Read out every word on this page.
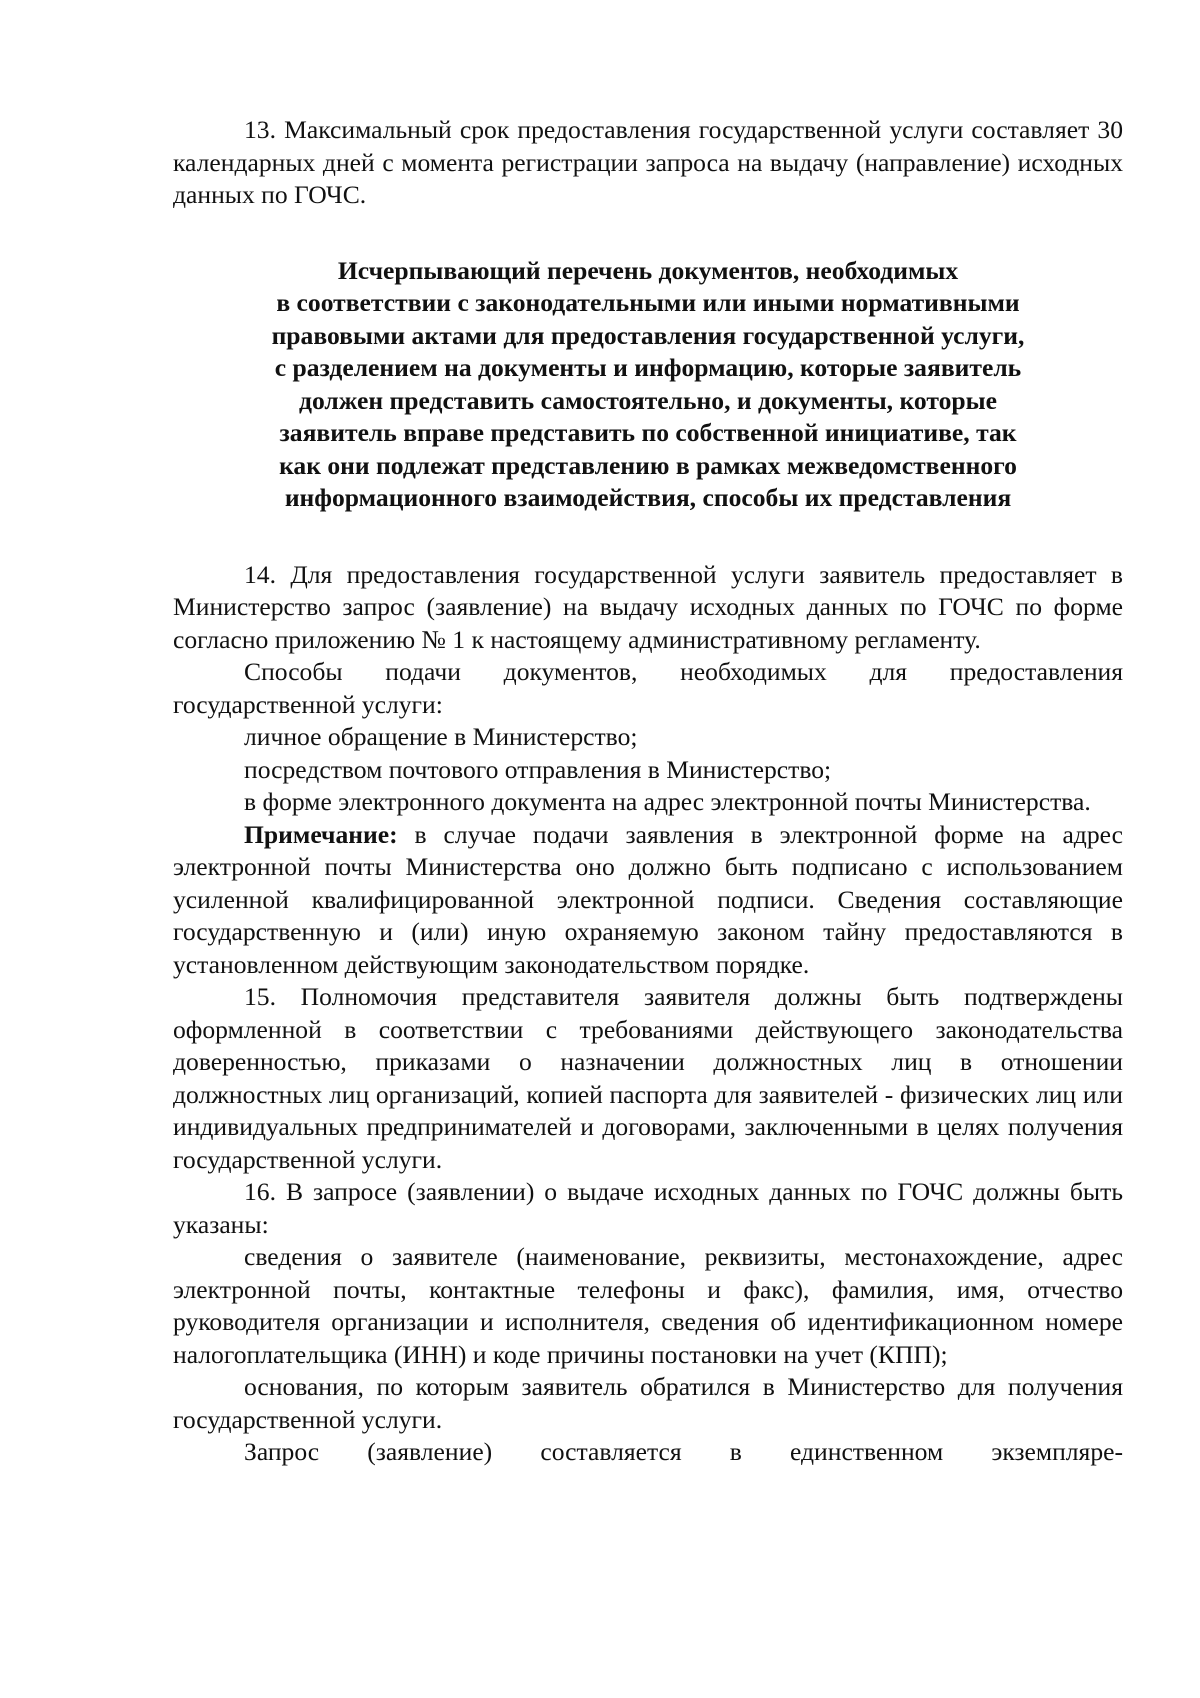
13. Максимальный срок предоставления государственной услуги составляет 30 календарных дней с момента регистрации запроса на выдачу (направление) исходных данных по ГОЧС.

Исчерпывающий перечень документов, необходимых
в соответствии с законодательными или иными нормативными
правовыми актами для предоставления государственной услуги,
с разделением на документы и информацию, которые заявитель
должен представить самостоятельно, и документы, которые
заявитель вправе представить по собственной инициативе, так
как они подлежат представлению в рамках межведомственного
информационного взаимодействия, способы их представления

14. Для предоставления государственной услуги заявитель предоставляет в Министерство запрос (заявление) на выдачу исходных данных по ГОЧС по форме согласно приложению № 1 к настоящему административному регламенту.

Способы подачи документов, необходимых для предоставления государственной услуги:

личное обращение в Министерство;

посредством почтового отправления в Министерство;

в форме электронного документа на адрес электронной почты Министерства.

Примечание: в случае подачи заявления в электронной форме на адрес электронной почты Министерства оно должно быть подписано с использованием усиленной квалифицированной электронной подписи. Сведения составляющие государственную и (или) иную охраняемую законом тайну предоставляются в установленном действующим законодательством порядке.

15. Полномочия представителя заявителя должны быть подтверждены оформленной в соответствии с требованиями действующего законодательства доверенностью, приказами о назначении должностных лиц в отношении должностных лиц организаций, копией паспорта для заявителей - физических лиц или индивидуальных предпринимателей и договорами, заключенными в целях получения государственной услуги.

16. В запросе (заявлении) о выдаче исходных данных по ГОЧС должны быть указаны:

сведения о заявителе (наименование, реквизиты, местонахождение, адрес электронной почты, контактные телефоны и факс), фамилия, имя, отчество руководителя организации и исполнителя, сведения об идентификационном номере налогоплательщика (ИНН) и коде причины постановки на учет (КПП);

основания, по которым заявитель обратился в Министерство для получения государственной услуги.

Запрос (заявление) составляется в единственном экземпляре-
